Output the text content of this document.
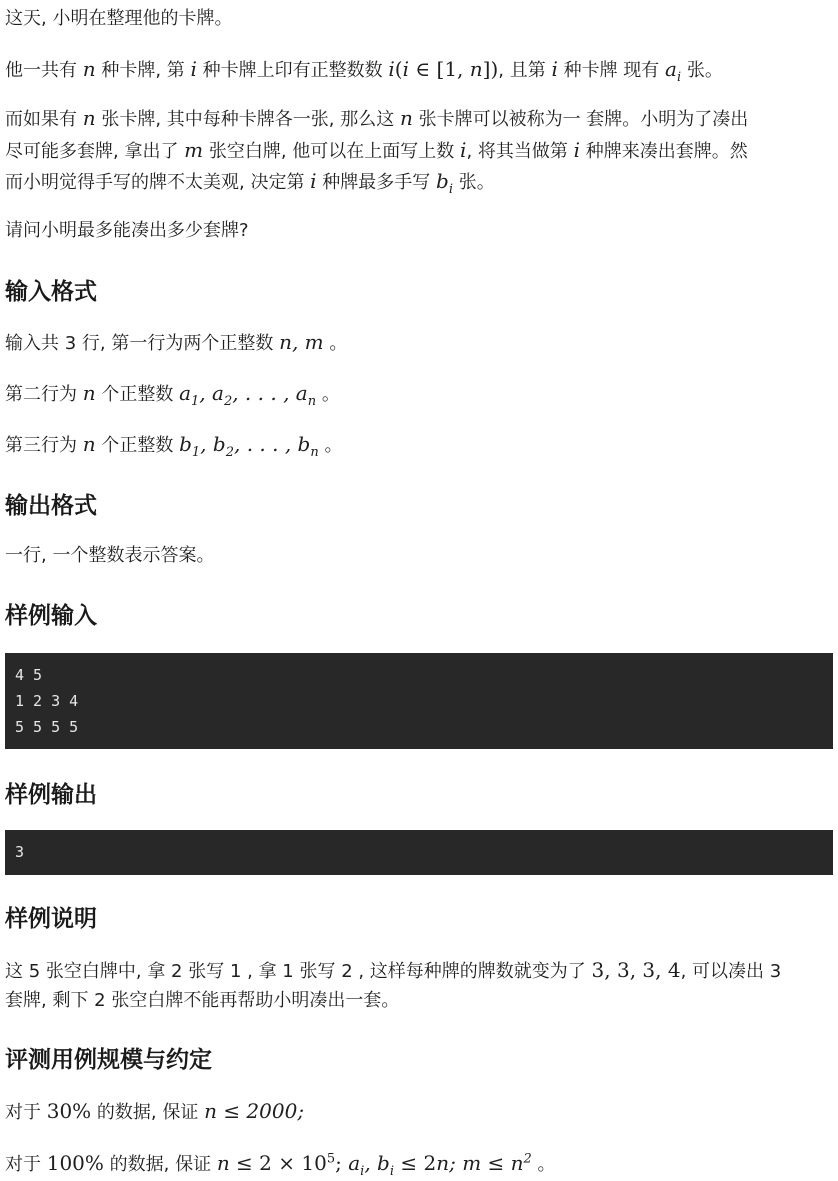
这天, 小明在整理他的卡牌。

他一共有 n 种卡牌, 第 i 种卡牌上印有正整数数 i(i ∈ [1, n]), 且第 i 种卡牌 现有 $a_i$ 张。

而如果有 n 张卡牌, 其中每种卡牌各一张, 那么这 n 张卡牌可以被称为一 套牌。小明为了凑出

尽可能多套牌, 拿出了 m 张空白牌, 他可以在上面写上数 i, 将其当做第 i 种牌来凑出套牌。然

而小明觉得手写的牌不太美观, 决定第 i 种牌最多手写 $b_i$ 张。

请问小明最多能凑出多少套牌?

输入格式

输入共 3 行, 第一行为两个正整数 n, m 。

第二行为 n 个正整数 $a_1$, $a_2$, . . . , $a_n$ 。

第三行为 n 个正整数 $b_1$, $b_2$, . . . , $b_n$ 。

输出格式

一行, 一个整数表示答案。

样例输入
4 5
1 2 3 4
5 5 5 5
样例输出
3
样例说明

这 5 张空白牌中, 拿 2 张写 1 , 拿 1 张写 2 , 这样每种牌的牌数就变为了 3, 3, 3, 4, 可以凑出 3

套牌, 剩下 2 张空白牌不能再帮助小明凑出一套。

评测用例规模与约定

对于 30% 的数据, 保证 n ≤ 2000;

对于 100% 的数据, 保证 $n \le 2 \times 10^5$; $a_i$, $b_i \le 2n$; $m \le n^2$ 。
